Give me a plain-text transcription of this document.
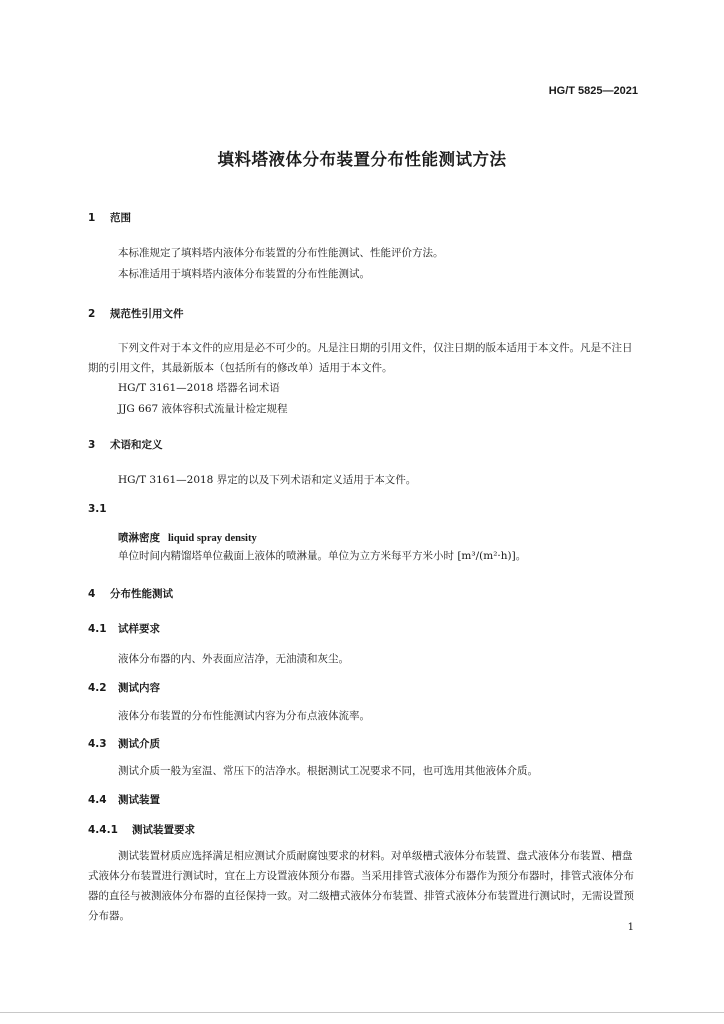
HG/T 5825—2021
填料塔液体分布装置分布性能测试方法
1 范围
本标准规定了填料塔内液体分布装置的分布性能测试、性能评价方法。
本标准适用于填料塔内液体分布装置的分布性能测试。
2 规范性引用文件
下列文件对于本文件的应用是必不可少的。凡是注日期的引用文件，仅注日期的版本适用于本文件。凡是不注日期的引用文件，其最新版本（包括所有的修改单）适用于本文件。
HG/T 3161—2018 塔器名词术语
JJG 667 液体容积式流量计检定规程
3 术语和定义
HG/T 3161—2018 界定的以及下列术语和定义适用于本文件。
3.1
喷淋密度 liquid spray density
单位时间内精馏塔单位截面上液体的喷淋量。单位为立方米每平方米小时 [m³/(m²·h)]。
4 分布性能测试
4.1 试样要求
液体分布器的内、外表面应洁净，无油渍和灰尘。
4.2 测试内容
液体分布装置的分布性能测试内容为分布点液体流率。
4.3 测试介质
测试介质一般为室温、常压下的洁净水。根据测试工况要求不同，也可选用其他液体介质。
4.4 测试装置
4.4.1 测试装置要求
测试装置材质应选择满足相应测试介质耐腐蚀要求的材料。对单级槽式液体分布装置、盘式液体分布装置、槽盘式液体分布装置进行测试时，宜在上方设置液体预分布器。当采用排管式液体分布器作为预分布器时，排管式液体分布器的直径与被测液体分布器的直径保持一致。对二级槽式液体分布装置、排管式液体分布装置进行测试时，无需设置预分布器。
1
